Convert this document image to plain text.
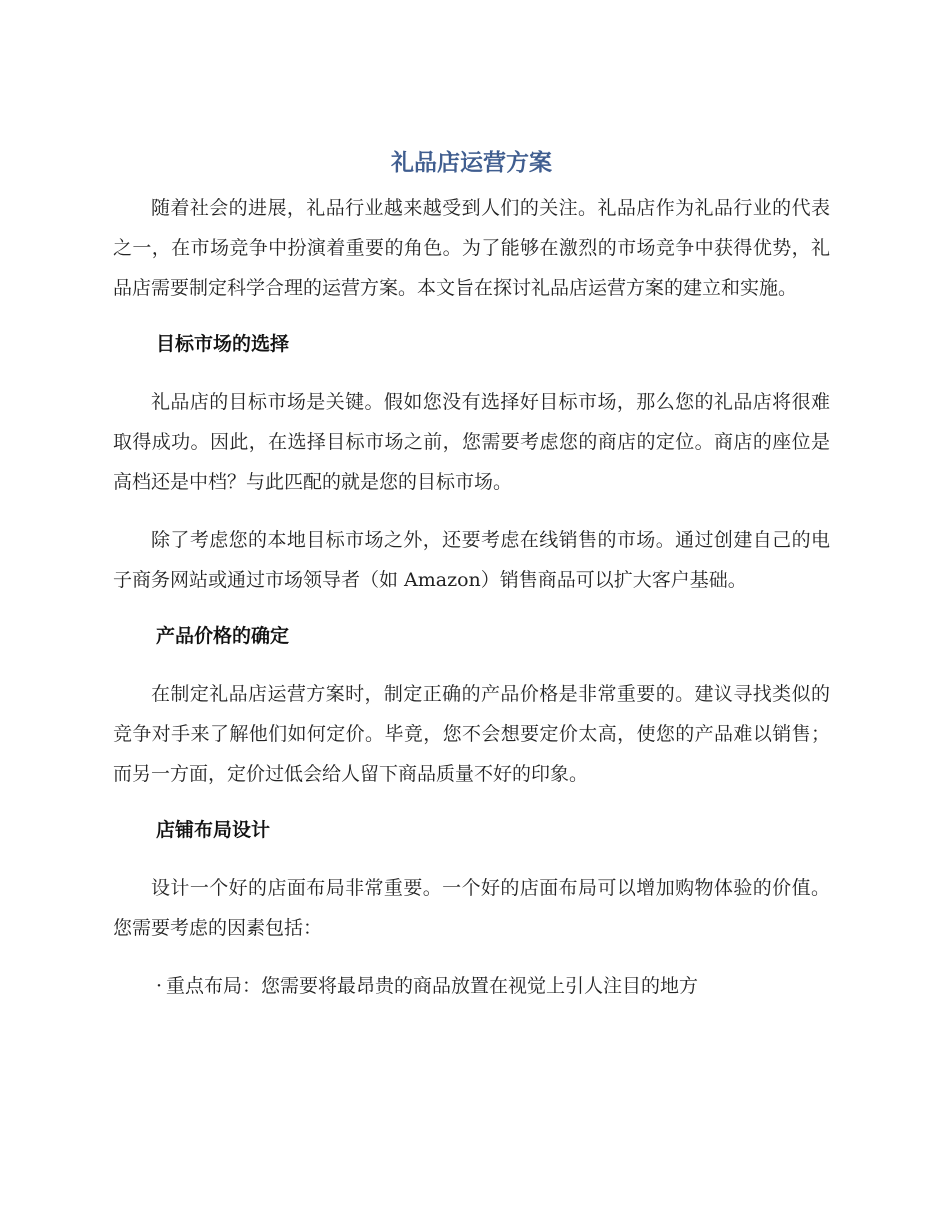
礼品店运营方案

随着社会的进展，礼品行业越来越受到人们的关注。礼品店作为礼品行业的代表之一，在市场竞争中扮演着重要的角色。为了能够在激烈的市场竞争中获得优势，礼品店需要制定科学合理的运营方案。本文旨在探讨礼品店运营方案的建立和实施。

目标市场的选择

礼品店的目标市场是关键。假如您没有选择好目标市场，那么您的礼品店将很难取得成功。因此，在选择目标市场之前，您需要考虑您的商店的定位。商店的座位是高档还是中档？与此匹配的就是您的目标市场。

除了考虑您的本地目标市场之外，还要考虑在线销售的市场。通过创建自己的电子商务网站或通过市场领导者（如 Amazon）销售商品可以扩大客户基础。

产品价格的确定

在制定礼品店运营方案时，制定正确的产品价格是非常重要的。建议寻找类似的竞争对手来了解他们如何定价。毕竟，您不会想要定价太高，使您的产品难以销售；而另一方面，定价过低会给人留下商品质量不好的印象。

店铺布局设计

设计一个好的店面布局非常重要。一个好的店面布局可以增加购物体验的价值。您需要考虑的因素包括：

· 重点布局：您需要将最昂贵的商品放置在视觉上引人注目的地方
